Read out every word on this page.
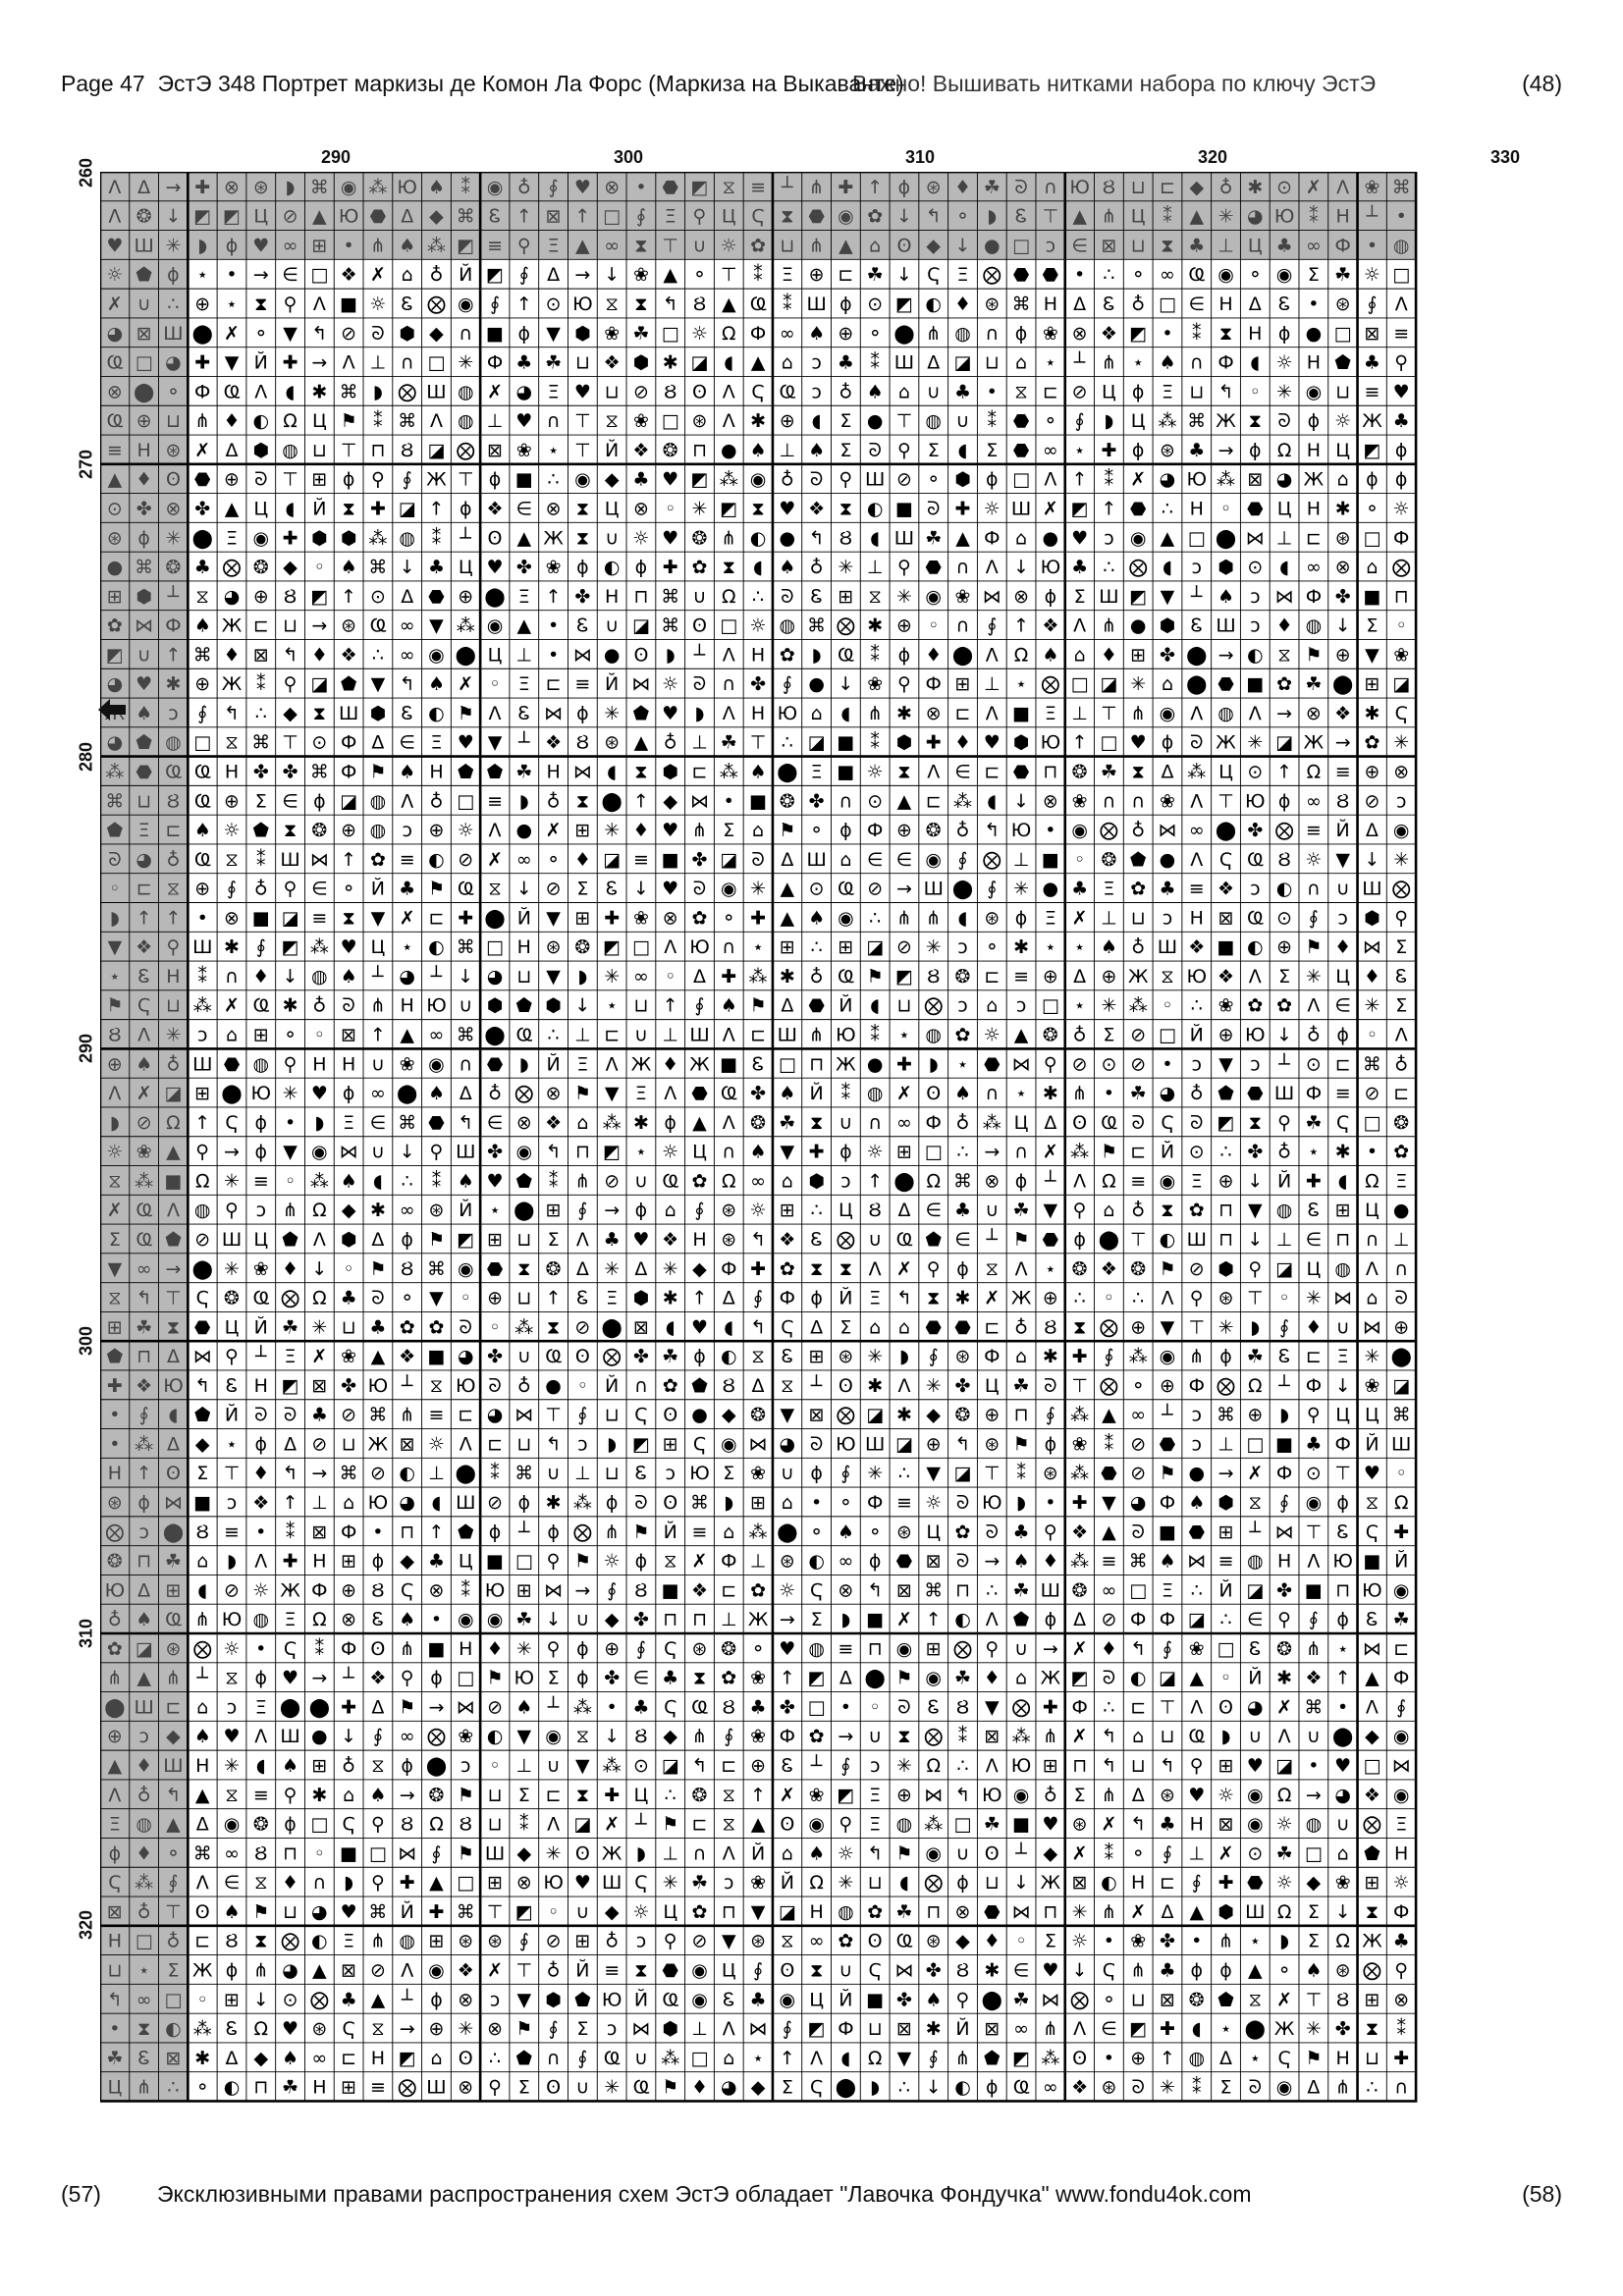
Page 47 ЭстЭ 348 Портрет маркизы де Комон Ла Форс (Маркиза на Выкаванте)
Важно! Вышивать нитками набора по ключу ЭстЭ	(48)
290	300	310	320	330
260
270
280
290
300
310
320
Ʌ Δ → ✚ ⊗ ⊛ ◗ ⌘ ◉ ⁂ Ю ♠ ⁑ ◉ ♁ ∮ ♥ ⊗ • ⬣ ◩ ⧖ ≡ ┴ ⋔ ✚ ↑ ϕ ⊛ ♦ ☘ ᘐ ∩ Ю Ȣ ⊔ ⊏ ◆ ♁ ✱ ⊙ ✗ Λ ❀ ⌘
Λ ❂ ↓ ◩ ◩ Ц ⊘ ▲ Ю ⬣ Δ ◆ ⌘ Ꮛ ↑ ⊠ ↑ □ ∮ Ξ ⚲ Ц Ҁ ⧗ ⬣ ◉ ✿ ↓ ↰ ⚬ ◗ Ꮛ ⊤ ▲ ⋔ Ц ⁑ ▲ ✳ ◕ Ю ⁑ Н ┴ •
♥ Ш ✳ ◗ ɸ ♥ ∞ ⊞ • ⋔ ♠ ⁂ ◩ ≡ ⚲ Ξ ▲ ∞ ⧗ ⊤ ∪ ☼ ✿ ⊔ ⋔ ▲ ⌂ ʘ ◆ ↓ ● □ ↄ ∈ ⊠ ⊔ ⧗ ♣ ⊥ Ц ♣ ∞ Ф • ◍
☼ ⬟ ϕ ⋆ • → ∈ □ ❖ ✗ ⌂ ♁ Й ◩ ∮ Δ → ↓ ❀ ▲ ⚬ ⊤ ⁑ Ξ ⊕ ⊏ ☘ ↓ Ҁ Ξ ⨂ ⬣ ⬣ • ∴ ⚬ ∞ Ҩ ◉ ⚬ ◉ Σ ☘ ☼ □
✗ ∪ ∴ ⊕ ⋆ ⧗ ⚲ Ʌ ■ ☼ Ꮛ ⨂ ◉ ∮ ↑ ⊙ Ю ⧖ ⧗ ↰ Ȣ ▲ Ҩ ⁑ Ш ϕ ⊙ ◩ ◐ ♦ ⊛ ⌘ Н Δ Ꮛ ♁ □ ∈ Н Δ Ꮛ • ⊛ ∮ Λ
◕ ⊠ Ш ⬤ ✗ ⚬ ▼ ↰ ⊘ ᘐ ⬢ ◆ ∩ ■ ϕ ▼ ⬢ ❀ ☘ □ ☼ Ω Ф ∞ ♠ ⊕ ⚬ ⬤ ⋔ ◍ ∩ ϕ ❀ ⊗ ❖ ◩ • ⁑ ⧗ Н ϕ ● □ ⊠ ≡
Ҩ □ ◕ ✚ ▼ Й ✚ → Ʌ ⊥ ∩ □ ✳ Ф ♣ ☘ ⊔ ❖ ⬢ ✱ ◪ ◖ ▲ ⌂ ↄ ♣ ⁑ Ш Δ ◪ ⊔ ⌂ ⋆ ┴ ⋔ ⋆ ♠ ∩ Ф ◖ ☼ Н ⬟ ♣ ⚲
⊗ ⬤ ⚬ Ф Ҩ Ʌ ◖ ✱ ⌘ ◗ ⨂ Ш ◍ ✗ ◕ Ξ ♥ ⊔ ⊘ Ȣ ʘ Ʌ Ҁ Ҩ ↄ ♁ ♠ ⌂ ∪ ♣ • ⧖ ⊏ ⊘ Ц ϕ Ξ ⊔ ↰ ◦ ✳ ◉ ⊔ ≡ ♥
Ҩ ⊕ ⊔ ⋔ ♦ ◐ Ω Ц ⚑ ⁑ ⌘ Ʌ ◍ ⊥ ♥ ∩ ⊤ ⧖ ❀ □ ⊛ Ʌ ✱ ⊕ ◖ Σ ● ⊤ ◍ ∪ ⁑ ⬣ ⚬ ∮ ◗ Ц ⁂ ⌘ Ж ⧗ ᘐ ɸ ☼ Ж ♣
≡ Н ⊛ ✗ Δ ⬢ ◍ ⊔ ⊤ ⊓ Ȣ ◪ ⨂ ⊠ ❀ ⋆ ⊤ Й ❖ ❂ ⊓ ● ♠ ⊥ ♠ Σ ᘐ ⚲ Σ ◖ Σ ⬣ ∞ ⋆ ✚ ɸ ⊛ ♣ → ϕ Ω Н Ц ◩ ɸ
▲ ♦ ʘ ⬣ ⊕ ᘐ ⊤ ⊞ ϕ ⚲ ∮ Ж ⊤ ɸ ■ ∴ ◉ ◆ ♣ ♥ ◩ ⁂ ◉ ♁ ᘐ ⚲ Ш ⊘ ⚬ ⬢ ɸ □ Ʌ ↑ ⁑ ✗ ◕ Ю ⁂ ⊠ ◕ Ж ⌂ ϕ ϕ
⊙ ✤ ⊗ ✤ ▲ Ц ◖ Й ⧗ ✚ ◪ ↑ ɸ ❖ ∈ ⊗ ⧗ Ц ⊗ ◦ ✳ ◩ ⧗ ♥ ❖ ⧗ ◐ ■ ᘐ ✚ ☼ Ш ✗ ◩ ↑ ⬣ ∴ Н ◦ ⬣ Ц Н ✱ ⚬ ☼
⊛ ɸ ✳ ⬤ Ξ ◉ ✚ ⬢ ⬢ ⁂ ◍ ⁑ ┴ ʘ ▲ Ж ⧗ ∪ ☼ ♥ ❂ ⋔ ◐ ● ↰ Ȣ ◖ Ш ☘ ▲ Ф ⌂ ● ♥ ↄ ◉ ▲ □ ⬤ ⋈ ⊥ ⊏ ⊛ □ Ф
● ⌘ ❂ ♣ ⨂ ❂ ◆ ◦ ♠ ⌘ ↓ ♣ Ц ♥ ✤ ❀ ϕ ◐ ɸ ✚ ✿ ⧗ ◖ ♠ ♁ ✳ ⊥ ⚲ ⬣ ∩ Ʌ ↓ Ю ♣ ∴ ⨂ ◖ ↄ ⬢ ⊙ ◖ ∞ ⊗ ⌂ ⨂
⊞ ⬢ ┴ ⧖ ◕ ⊕ Ȣ ◩ ↑ ⊙ Δ ⬣ ⊕ ⬤ Ξ ↑ ✤ Н ⊓ ⌘ ∪ Ω ∴ ᘐ Ꮛ ⊞ ⧖ ✳ ◉ ❀ ⋈ ⊗ ɸ Σ Ш ◩ ▼ ┴ ♠ ↄ ⋈ Ф ✤ ■ ⊓
✿ ⋈ Ф ♠ Ж ⊏ ⊔ → ⊛ Ҩ ∞ ▼ ⁂ ◉ ▲ • Ꮛ ∪ ◪ ⌘ ʘ □ ☼ ◍ ⌘ ⨂ ✱ ⊕ ◦ ∩ ∮ ↑ ❖ Ʌ ⋔ ● ⬢ Ꮛ Ш ↄ ♦ ◍ ↓ Σ ◦
◩ ∪ ↑ ⌘ ♦ ⊠ ↰ ♦ ❖ ∴ ∞ ◉ ⬤ Ц ⊥ • ⋈ ● ʘ ◗ ┴ Ʌ Н ✿ ◗ Ҩ ⁑ ϕ ♦ ⬤ Λ Ω ♠ ⌂ ♦ ⊞ ✤ ⬤ → ◐ ⧖ ⚑ ⊕ ▼ ❀
◕ ♥ ✱ ⊕ Ж ⁑ ⚲ ◪ ⬟ ▼ ↰ ♠ ✗ ◦ Ξ ⊏ ≡ Й ⋈ ☼ ᘐ ∩ ✤ ∮ ● ↓ ❀ ⚲ Ф ⊞ ⊥ ⋆ ⨂ □ ◪ ✳ ⌂ ⬤ ⬣ ■ ✿ ☘ ⬤ ⊞ ◪
♠ ↄ ∮ ↰ ∴ ◆ ⧗ Ш ⬢ Ꮛ ◐ ⚑ Ʌ Ꮛ ⋈ ɸ ✳ ⬟ ♥ ◗ Ʌ Н Ю ⌂ ◖ ⋔ ✱ ⊗ ⊏ Λ ■ Ξ ⊥ ⊤ ⋔ ◉ Λ ◍ Λ → ⊗ ❖ ✱ Ҁ
◕ ⬟ ◍ □ ⧖ ⌘ ⊤ ⊙ Ф Δ ∈ Ξ ♥ ▼ ┴ ❖ Ȣ ⊛ ▲ ♁ ⊥ ☘ ⊤ ∴ ◪ ■ ⁑ ⬢ ✚ ♦ ♥ ⬢ Ю ↑ □ ♥ ɸ ᘐ Ж ✳ ◪ Ж → ✿ ✳
⁂ ⬣ Ҩ Ҩ Н ✤ ✤ ⌘ Ф ⚑ ♠ Н ⬟ ⬟ ☘ Н ⋈ ◖ ⧗ ⬢ ⊏ ⁂ ♠ ⬤ Ξ ■ ☼ ⧗ Ʌ ∈ ⊏ ⬣ ⊓ ❂ ☘ ⧗ Δ ⁂ Ц ⊙ ↑ Ω ≡ ⊕ ⊗
⌘ ⊔ Ȣ Ҩ ⊕ Σ ∈ ϕ ◪ ◍ Λ ♁ □ ≡ ◗ ♁ ⧗ ⬤ ↑ ◆ ⋈ • ■ ❂ ✤ ∩ ⊙ ▲ ⊏ ⁂ ◖ ↓ ⊗ ❀ ∩ ∩ ❀ Λ ⊤ Ю ɸ ∞ Ȣ ⊘ ↄ
⬟ Ξ ⊏ ♠ ☼ ⬟ ⧗ ❂ ⊕ ◍ ↄ ⊕ ☼ Λ ● ✗ ⊞ ✳ ♦ ♥ ⋔ Σ ⌂ ⚑ ⚬ ϕ Ф ⊕ ❂ ♁ ↰ Ю • ◉ ⨂ ♁ ⋈ ∞ ⬤ ✤ ⨂ ≡ Й Δ ◉
ᘐ ◕ ♁ Ҩ ⧖ ⁑ Ш ⋈ ↑ ✿ ≡ ◐ ⊘ ✗ ∞ ⚬ ♦ ◪ ≡ ■ ✤ ◪ ᘐ Δ Ш ⌂ ∈ ∈ ◉ ∮ ⨂ ⊥ ■ ◦ ❂ ⬟ ● Ʌ Ҁ Ҩ Ȣ ☼ ▼ ↓ ✳
◦ ⊏ ⧖ ⊕ ∮ ♁ ⚲ ∈ ⚬ Й ♣ ⚑ Ҩ ⧖ ↓ ⊘ Σ Ꮛ ↓ ♥ ᘐ ◉ ✳ ▲ ⊙ Ҩ ⊘ → Ш ⬤ ∮ ✳ ● ♣ Ξ ✿ ♣ ≡ ❖ ↄ ◐ ∩ ∪ Ш ⨂
◗ ↑ ↑ • ⊗ ■ ◪ ≡ ⧗ ▼ ✗ ⊏ ✚ ⬤ Й ▼ ⊞ ✚ ❀ ⊗ ✿ ⚬ ✚ ▲ ♠ ◉ ∴ ⋔ ⋔ ◖ ⊛ ϕ Ξ ✗ ⊥ ⊔ ↄ Н ⊠ Ҩ ⊙ ∮ ↄ ⬢ ⚲
▼ ❖ ⚲ Ш ✱ ∮ ◩ ⁂ ♥ Ц ⋆ ◐ ⌘ □ Н ⊛ ❂ ◩ □ Ʌ Ю ∩ ⋆ ⊞ ∴ ⊞ ◪ ⊘ ✳ ↄ ⚬ ✱ ⋆ ⋆ ♠ ♁ Ш ❖ ■ ◐ ⊕ ⚑ ♦ ⋈ Σ
⋆ Ꮛ Н ⁑ ∩ ♦ ↓ ◍ ♠ ┴ ◕ ┴ ↓ ◕ ⊔ ▼ ◗ ✳ ∞ ◦ Δ ✚ ⁂ ✱ ♁ Ҩ ⚑ ◩ Ȣ ❂ ⊏ ≡ ⊕ Δ ⊕ Ж ⧖ Ю ❖ Λ Σ ✳ Ц ♦ Ꮛ
⚑ Ҁ ⊔ ⁂ ✗ Ҩ ✱ ♁ ᘐ ⋔ Н Ю ∪ ⬢ ⬟ ⬢ ↓ ⋆ ⊔ ↑ ∮ ♠ ⚑ Δ ⬣ Й ◖ ⊔ ⨂ ↄ ⌂ ↄ □ ⋆ ✳ ⁂ ◦ ∴ ❀ ✿ ✿ Ʌ ∈ ✳ Σ
Ȣ Ʌ ✳ ↄ ⌂ ⊞ ⚬ ◦ ⊠ ↑ ▲ ∞ ⌘ ⬤ Ҩ ∴ ⊥ ⊏ ∪ ⊥ Ш Λ ⊏ Ш ⋔ Ю ⁑ ⋆ ◍ ✿ ☼ ▲ ❂ ♁ Σ ⊘ □ Й ⊕ Ю ↓ ♁ ɸ ◦ Ʌ
⊕ ♠ ♁ Ш ⬣ ◍ ⚲ Н Н ∪ ❀ ◉ ∩ ⬣ ◗ Й Ξ Λ Ж ♦ Ж ■ Ꮛ □ ⊓ Ж ● ✚ ◗ ⋆ ⬣ ⋈ ⚲ ⊘ ⊙ ⊘ • ↄ ▼ ↄ ┴ ⊙ ⊏ ⌘ ♁
Λ ✗ ◪ ⊞ ⬤ Ю ✳ ♥ ɸ ∞ ⬤ ♠ Δ ♁ ⨂ ⊗ ⚑ ▼ Ξ Ʌ ⬣ Ҩ ✤ ♠ Й ⁑ ◍ ✗ ʘ ♠ ∩ ⋆ ✱ ⋔ • ☘ ◕ ♁ ⬟ ⬣ Ш Ф ≡ ⊘ ⊏
◗ ⊘ Ω ↑ Ҁ ϕ • ◗ Ξ ∈ ⌘ ⬣ ↰ ∈ ⊗ ❖ ⌂ ⁂ ✱ ɸ ▲ Ʌ ❂ ☘ ⧗ ∪ ∩ ∞ Ф ♁ ⁂ Ц Δ ʘ Ҩ ᘐ Ҁ ᘐ ◩ ⧗ ⚲ ☘ Ҁ □ ❂
☼ ❀ ▲ ⚲ → ϕ ▼ ◉ ⋈ ∪ ↓ ⚲ Ш ✤ ◉ ↰ ⊓ ◩ ⋆ ☼ Ц ∩ ♠ ▼ ✚ ϕ ☼ ⊞ □ ∴ → ∩ ✗ ⁂ ⚑ ⊏ Й ⊙ ∴ ✤ ♁ ⋆ ✱ • ✿
⧖ ⁂ ■ Ω ✳ ≡ ◦ ⁂ ♠ ◖ ∴ ⁑ ♠ ♥ ⬟ ⁑ ⋔ ⊘ ∪ Ҩ ✿ Ω ∞ ⌂ ⬢ ↄ ↑ ⬤ Ω ⌘ ⊗ ϕ ┴ Ʌ Ω ≡ ◉ Ξ ⊕ ↓ Й ✚ ◖ Ω Ξ
✗ Ҩ Λ ◍ ⚲ ↄ ⋔ Ω ◆ ✱ ∞ ⊛ Й ⋆ ⬤ ⊞ ∮ → ϕ ⌂ ∮ ⊛ ☼ ⊞ ∴ Ц Ȣ Δ ∈ ♣ ∪ ☘ ▼ ⚲ ⌂ ♁ ⧗ ✿ ⊓ ▼ ◍ Ꮛ ⊞ Ц ●
Σ Ҩ ⬟ ⊘ Ш Ц ⬟ Ʌ ⬢ Δ ϕ ⚑ ◩ ⊞ ⊔ Σ Λ ♣ ♥ ❖ Н ⊛ ↰ ❖ Ꮛ ⨂ ∪ Ҩ ⬟ ∈ ┴ ⚑ ⬣ ϕ ⬤ ⊤ ◐ Ш ⊓ ↓ ⊥ ∈ ⊓ ∩ ⊥
▼ ∞ → ⬤ ✳ ❀ ♦ ↓ ◦ ⚑ Ȣ ⌘ ◉ ⬣ ⧗ ❂ Δ ✳ Δ ✳ ◆ Ф ✚ ✿ ⧗ ⧗ Λ ✗ ⚲ ϕ ⧖ Λ ⋆ ❂ ❖ ❂ ⚑ ⊘ ⬢ ⚲ ◪ Ц ◍ Ʌ ∩
⧖ ↰ ⊤ Ҁ ❂ Ҩ ⨂ Ω ♣ ᘐ ⚬ ▼ ◦ ⊕ ⊔ ↑ Ꮛ Ξ ⬢ ✱ ↑ Δ ∮ Ф ϕ Й Ξ ↰ ⧗ ✱ ✗ Ж ⊕ ∴ ◦ ∴ Λ ⚲ ⊛ ⊤ ◦ ✳ ⋈ ⌂ ᘐ
⊞ ☘ ⧗ ⬣ Ц Й ☘ ✳ ⊔ ♣ ✿ ✿ ᘐ ◦ ⁂ ⧗ ⊘ ⬤ ⊠ ◖ ♥ ◖ ↰ Ҁ Δ Σ ⌂ ⌂ ⬣ ⬣ ⊏ ♁ Ȣ ⧗ ⨂ ⊕ ▼ ⊤ ✳ ◗ ∮ ♦ ∪ ⋈ ⊕
⬟ ⊓ Δ ⋈ ⚲ ┴ Ξ ✗ ❀ ▲ ❖ ■ ◕ ✤ ∪ Ҩ ʘ ⨂ ✤ ☘ ɸ ◐ ⧖ Ꮛ ⊞ ⊛ ✳ ◗ ∮ ⊛ Ф ⌂ ✱ ✚ ∮ ⁂ ◉ ⋔ ϕ ☘ Ꮛ ⊏ Ξ ✳ ⬤
✚ ❖ Ю ↰ Ꮛ Н ◩ ⊠ ✤ Ю ┴ ⧖ Ю ᘐ ♁ ● ◦ Й ∩ ✿ ⬟ Ȣ Δ ⧖ ┴ ʘ ✱ Ʌ ✳ ✤ Ц ☘ ᘐ ⊤ ⨂ ⚬ ⊕ Ф ⨂ Ω ┴ Ф ↓ ❀ ◪
• ∮ ◖ ⬟ Й ᘐ ᘐ ♣ ⊘ ⌘ ⋔ ≡ ⊏ ◕ ⋈ ⊤ ∮ ⊔ Ҁ ʘ ● ◆ ❂ ▼ ⊠ ⨂ ◪ ✱ ◆ ❂ ⊕ ⊓ ∮ ⁂ ▲ ∞ ┴ ↄ ⌘ ⊕ ◗ ⚲ Ц Ц ⌘
• ⁂ Δ ◆ ⋆ ɸ Δ ⊘ ⊔ Ж ⊠ ☼ Ʌ ⊏ ⊔ ↰ ↄ ◗ ◩ ⊞ Ҁ ◉ ⋈ ◕ ᘐ Ю Ш ◪ ⊕ ↰ ⊛ ⚑ ϕ ❀ ⁑ ⊘ ⬣ ↄ ⊥ □ ■ ♣ Ф Й Ш
Н ↑ ʘ Σ ⊤ ♦ ↰ → ⌘ ⊘ ◐ ⊥ ⬤ ⁑ ⌘ ∪ ⊥ ⊔ Ꮛ ↄ Ю Σ ❀ ∪ ɸ ∮ ✳ ∴ ▼ ◪ ⊤ ⁑ ⊛ ⁂ ⬣ ⊘ ⚑ ● → ✗ Ф ⊙ ⊤ ♥ ◦
⊛ ϕ ⋈ ■ ↄ ❖ ↑ ⊥ ⌂ Ю ◕ ◖ Ш ⊘ ϕ ✱ ⁂ ϕ ᘐ ʘ ⌘ ◗ ⊞ ⌂ • ⚬ Ф ≡ ☼ ᘐ Ю ◗ • ✚ ▼ ◕ Ф ♠ ⬢ ⧖ ∮ ◉ ϕ ⧖ Ω
⨂ ↄ ⬤ Ȣ ≡ • ⁑ ⊠ Ф • ⊓ ↑ ⬟ ɸ ┴ ɸ ⨂ ⋔ ⚑ Й ≡ ⌂ ⁂ ⬤ ⚬ ♠ ⚬ ⊛ Ц ✿ ᘐ ♣ ⚲ ❖ ▲ ᘐ ■ ⬣ ⊞ ┴ ⋈ ⊤ Ꮛ Ҁ ✚
❂ ⊓ ☘ ⌂ ◗ Λ ✚ Н ⊞ ϕ ◆ ♣ Ц ■ □ ⚲ ⚑ ☼ ϕ ⧖ ✗ Ф ⊥ ⊛ ◐ ∞ ϕ ⬣ ⊠ ᘐ → ♠ ♦ ⁂ ≡ ⌘ ♠ ⋈ ≡ ◍ Н Λ Ю ■ Й
Ю Δ ⊞ ◖ ⊘ ☼ Ж Ф ⊕ Ȣ Ҁ ⊗ ⁑ Ю ⊞ ⋈ → ∮ Ȣ ■ ❖ ⊏ ✿ ☼ Ҁ ⊗ ↰ ⊠ ⌘ ⊓ ∴ ☘ Ш ❂ ∞ □ Ξ ∴ Й ◪ ✤ ■ ⊓ Ю ◉
♁ ♠ Ҩ ⋔ Ю ◍ Ξ Ω ⊗ Ꮛ ♠ • ◉ ◉ ☘ ↓ ∪ ◆ ✤ ⊓ ⊓ ⊥ Ж → Σ ◗ ■ ✗ ↑ ◐ Ʌ ⬟ ϕ Δ ⊘ Ф Ф ◪ ∴ ∈ ⚲ ∮ ϕ Ꮛ ☘
✿ ◪ ⊛ ⨂ ☼ • Ҁ ⁑ Ф ʘ ⋔ ■ Н ♦ ✳ ⚲ ϕ ⊕ ∮ Ҁ ⊛ ❂ ⚬ ♥ ◍ ≡ ⊓ ◉ ⊞ ⨂ ⚲ ∪ → ✗ ♦ ↰ ∮ ❀ □ Ꮛ ❂ ⋔ ⋆ ⋈ ⊏
⋔ ▲ ⋔ ┴ ⧖ ɸ ♥ → ┴ ❖ ⚲ ϕ □ ⚑ Ю Σ ɸ ✤ ∈ ♣ ⧗ ✿ ❀ ↑ ◩ Δ ⬤ ⚑ ◉ ☘ ♦ ⌂ Ж ◩ ᘐ ◐ ◪ ▲ ◦ Й ✱ ❖ ↑ ▲ Ф
⬤ Ш ⊏ ⌂ ↄ Ξ ⬤ ⬤ ✚ Δ ⚑ → ⋈ ⊘ ♠ ┴ ⁂ • ♣ Ҁ Ҩ Ȣ ♣ ✤ □ • ◦ ᘐ Ꮛ Ȣ ▼ ⨂ ✚ Ф ∴ ⊏ ⊤ Ʌ ʘ ◕ ✗ ⌘ • Ʌ ∮
⊕ ↄ ◆ ♠ ♥ Λ Ш ● ↓ ∮ ∞ ⨂ ❀ ◐ ▼ ◉ ⧖ ↓ Ȣ ◆ ⋔ ∮ ❀ Ф ✿ → ∪ ⧗ ⨂ ⁑ ⊠ ⁂ ⋔ ✗ ↰ ⌂ ⊔ Ҩ ◗ ∪ Λ ∪ ⬤ ◆ ◉
▲ ♦ Ш Н ✳ ◖ ♠ ⊞ ♁ ⧖ ϕ ⬤ ↄ ◦ ⊥ ∪ ▼ ⁂ ⊙ ◪ ↰ ⊏ ⊕ Ꮛ ┴ ∮ ↄ ✳ Ω ∴ Λ Ю ⊞ ⊓ ↰ ⊔ ↰ ⚲ ⊞ ♥ ◪ • ♥ □ ⋈
Λ ♁ ↰ ▲ ⧖ ≡ ⚲ ✱ ⌂ ♠ → ❂ ⚑ ⊔ Σ ⊏ ⧗ ✚ Ц ∴ ❂ ⧖ ↑ ✗ ❀ ◩ Ξ ⊕ ⋈ ↰ Ю ◉ ♁ Σ ⋔ Δ ⊛ ♥ ☼ ◉ Ω → ◕ ❖ ◉
Ξ ◍ ▲ Δ ◉ ❂ ϕ □ Ҁ ⚲ Ȣ Ω Ȣ ⊔ ⁑ Λ ◪ ✗ ┴ ⚑ ⊏ ⧖ ▲ ʘ ◉ ⚲ Ξ ◍ ⁂ □ ☘ ■ ♥ ⊛ ✗ ↰ ♣ Н ⊠ ◉ ☼ ◍ ∪ ⨂ Ξ
ϕ ♦ ⚬ ⌘ ∞ Ȣ ⊓ ◦ ■ □ ⋈ ∮ ⚑ Ш ◆ ✳ ʘ Ж ◗ ⊥ ∩ Ʌ Й ⌂ ♠ ☼ ↰ ⚑ ◉ ∪ ʘ ┴ ◆ ✗ ⁑ ⚬ ∮ ⊥ ✗ ⊙ ☘ □ ⌂ ⬟ Н
Ҁ ⁂ ∮ Λ ∈ ⧖ ♦ ∩ ◗ ⚲ ✚ ▲ □ ⊞ ⊗ Ю ♥ Ш Ҁ ✳ ☘ ↄ ❀ Й Ω ✳ ⊔ ◖ ⨂ ɸ ⊔ ↓ Ж ⊠ ◐ Н ⊏ ∮ ✚ ⬣ ☼ ◆ ❀ ⊞ ☼
⊠ ♁ ⊤ ʘ ♠ ⚑ ⊔ ◕ ♥ ⌘ Й ✚ ⌘ ⊤ ◩ ◦ ∪ ◆ ☼ Ц ✿ ⊓ ▼ ◪ Н ◍ ✿ ☘ ⊓ ⊗ ⬣ ⋈ ⊓ ✳ ⋔ ✗ Δ ▲ ⬢ Ш Ω Σ ↓ ⧗ Ф
Н □ ♁ ⊏ Ȣ ⧗ ⨂ ◐ Ξ ⋔ ◍ ⊞ ⊛ ⊛ ∮ ⊘ ⊞ ♁ ↄ ⚲ ⊘ ▼ ⊛ ⧖ ∞ ✿ ʘ Ҩ ⊛ ◆ ♦ ◦ Σ ☼ • ❀ ✤ • ⋔ ⋆ ◗ Σ Ω Ж ♣
⊔ ⋆ Σ Ж ɸ ⋔ ◕ ▲ ⊠ ⊘ Λ ◉ ❖ ✗ ⊤ ♁ Й ≡ ⧗ ⬣ ◉ Ц ∮ ʘ ⧗ ∪ Ҁ ⋈ ✤ Ȣ ✱ ∈ ♥ ↓ Ҁ ⋔ ♣ ɸ ϕ ▲ ⚬ ♠ ⊛ ⨂ ⚲
↰ ∞ □ ◦ ⊞ ↓ ⊙ ⨂ ♣ ▲ ┴ ϕ ⊗ ↄ ▼ ⬢ ⬟ Ю Й Ҩ ◉ Ꮛ ♣ ◉ Ц Й ■ ✤ ♠ ⚲ ⬤ ☘ ⋈ ⨂ ⚬ ⊔ ⊠ ❂ ⬟ ⧖ ✗ ⊤ Ȣ ⊞ ⊗
• ⧗ ◐ ⁂ Ꮛ Ω ♥ ⊛ Ҁ ⧖ → ⊕ ✳ ⊗ ⚑ ∮ Σ ↄ ⋈ ⬢ ⊥ Λ ⋈ ∮ ◩ Ф ⊔ ⊠ ✱ Й ⊠ ∞ ⋔ Ʌ ∈ ◩ ✚ ◖ ⋆ ⬤ Ж ✳ ✤ ⧗ ⁑
☘ Ꮛ ⊠ ✱ Δ ◆ ♠ ∞ ⊏ Н ◩ ⌂ ʘ ∴ ⬟ ∩ ∮ Ҩ ∪ ⁂ □ ⌂ ⋆ ↑ Λ ◖ Ω ▼ ∮ ⋔ ⬟ ◩ ⁂ ʘ • ⊕ ↑ ◍ Δ ⋆ Ҁ ⚑ Н ⊔ ✚
Ц ⋔ ∴ ⚬ ◐ ⊓ ☘ Н ⊞ ≡ ⨂ Ш ⊗ ⚲ Σ ʘ ∪ ✳ Ҩ ⚑ ♦ ◕ ◆ Σ Ҁ ⬤ ◗ ∴ ↓ ◐ ɸ Ҩ ∞ ❖ ⊛ ᘐ ✳ ⁑ Σ ᘐ ◉ Δ ⋔ ∴ ∩
(57) Эксклюзивными правами распространения схем ЭстЭ обладает "Лавочка Фондучка" www.fondu4ok.com	(58)
